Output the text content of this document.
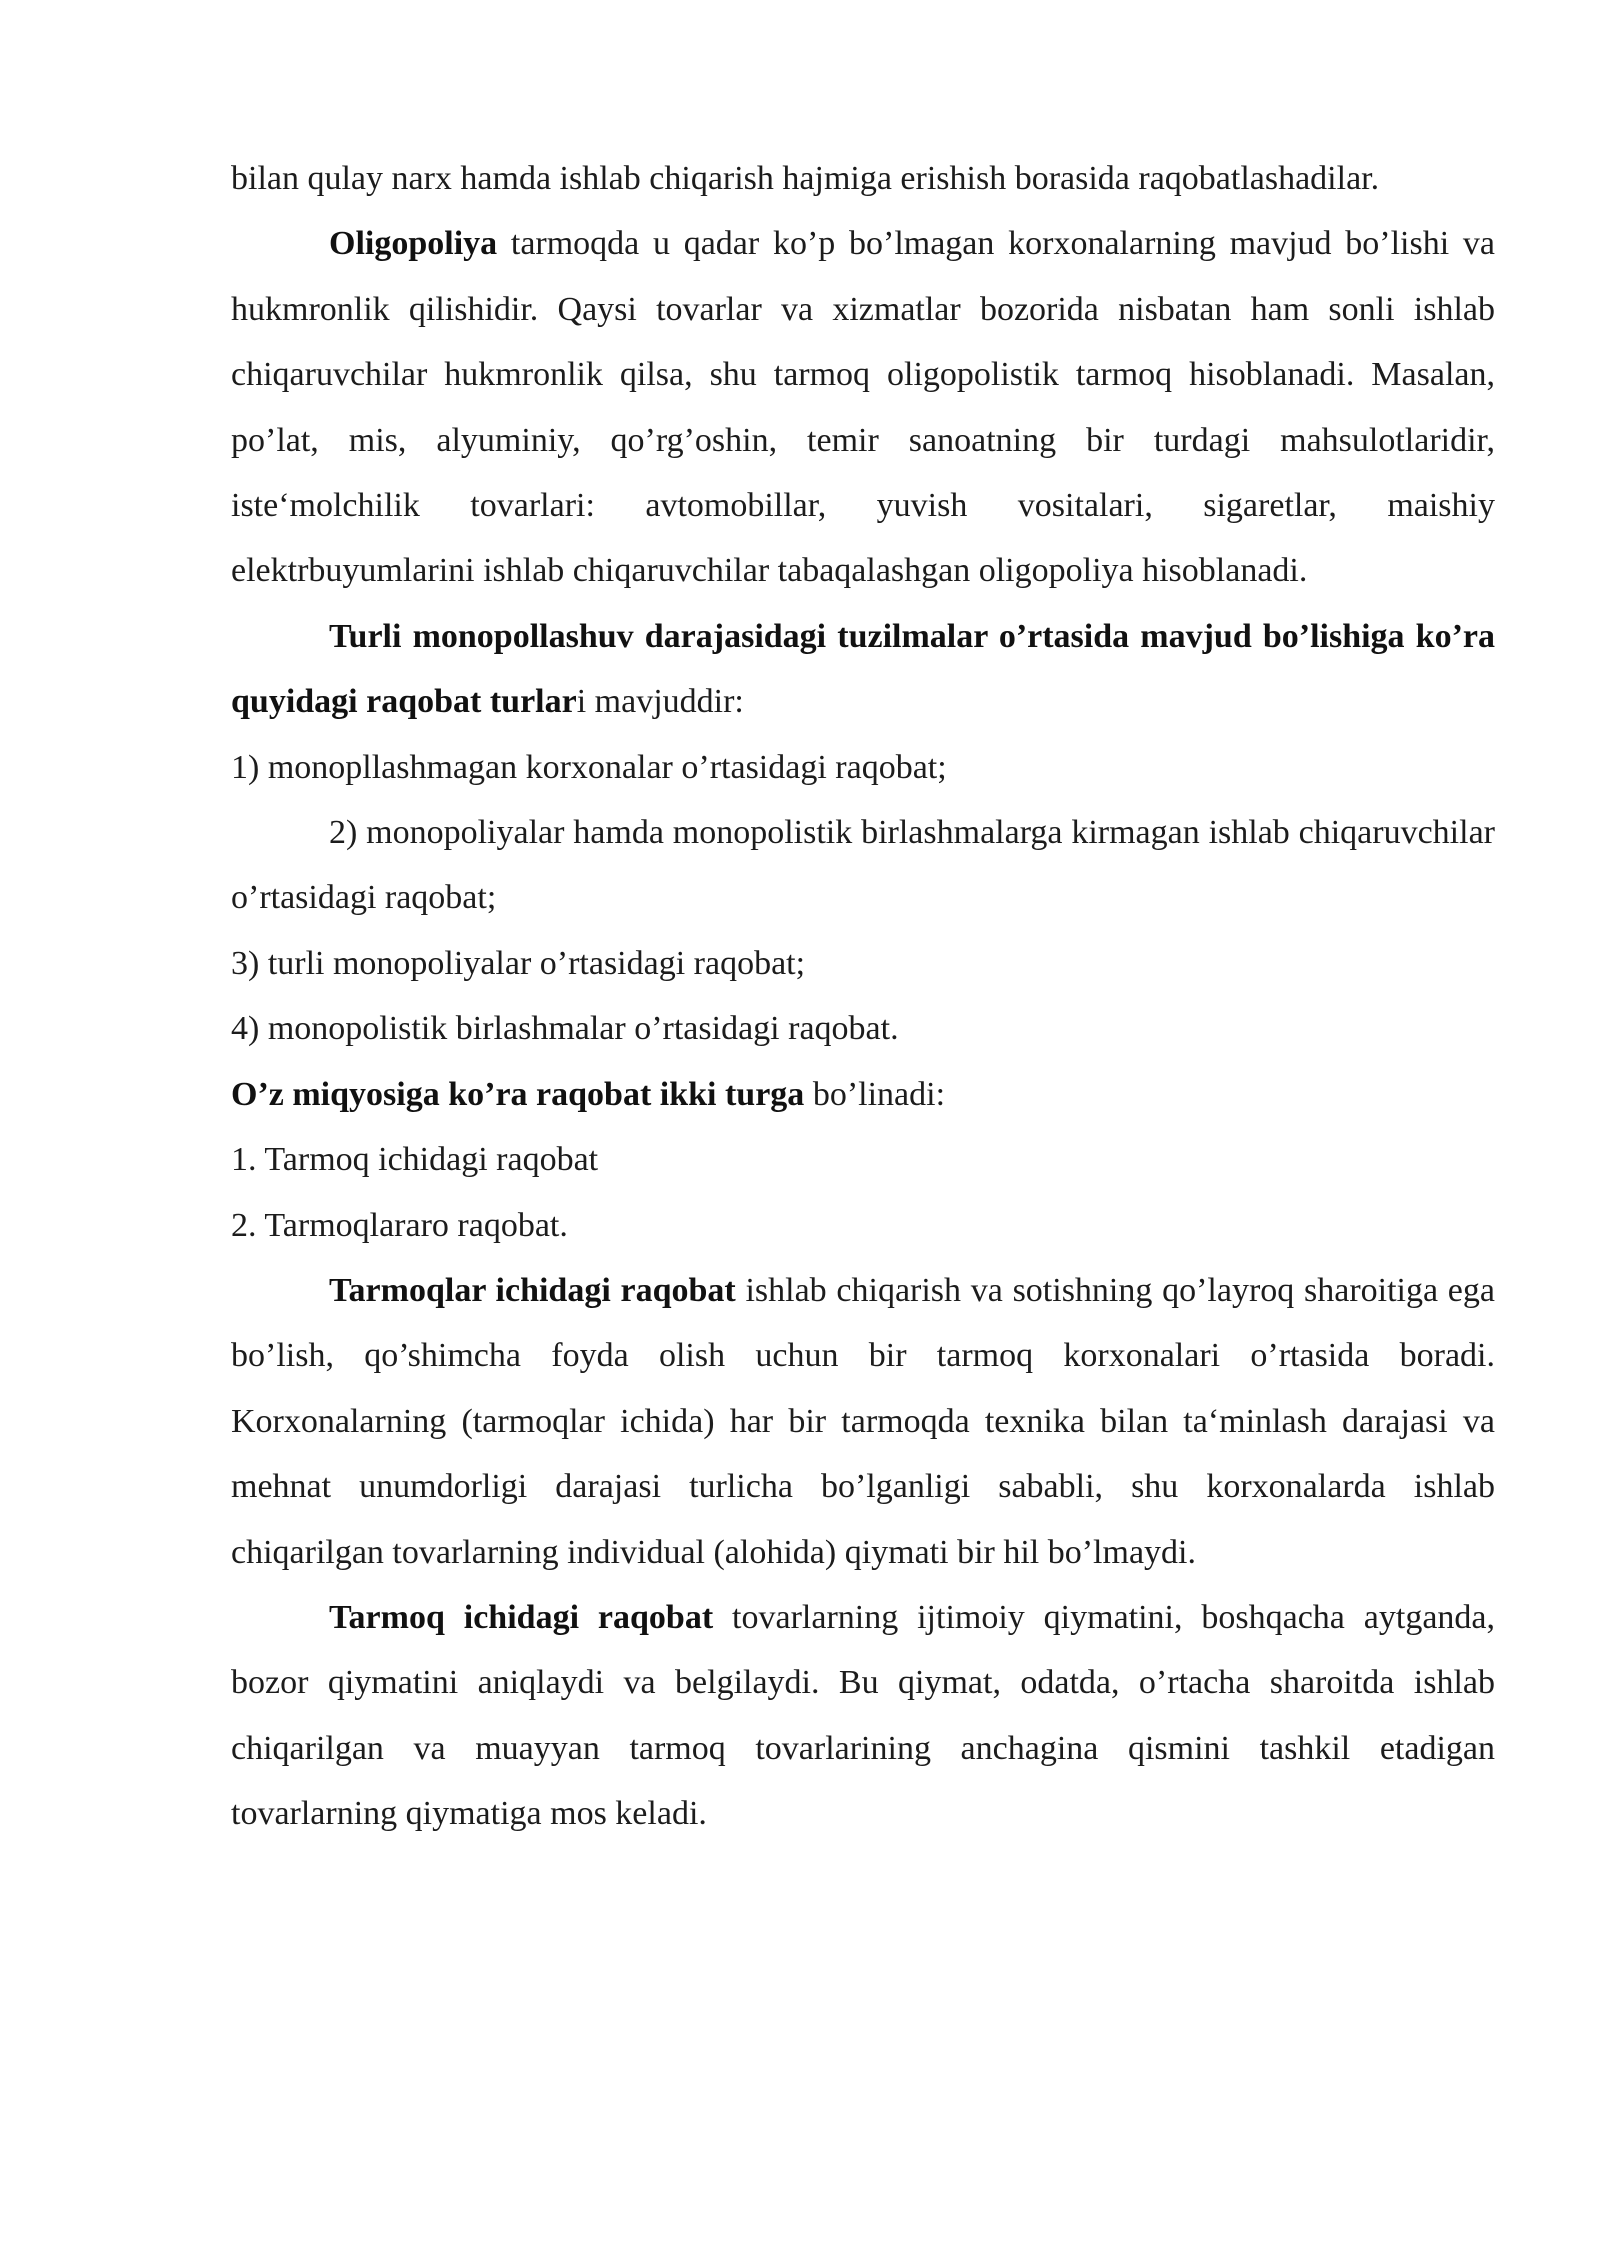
bilan qulay narx hamda ishlab chiqarish hajmiga erishish borasida raqobatlashadilar.

Oligopoliya tarmoqda u qadar ko’p bo’lmagan korxonalarning mavjud bo’lishi va hukmronlik qilishidir. Qaysi tovarlar va xizmatlar bozorida nisbatan ham sonli ishlab chiqaruvchilar hukmronlik qilsa, shu tarmoq oligopolistik tarmoq hisoblanadi. Masalan, po’lat, mis, alyuminiy, qo’rg’oshin, temir sanoatning bir turdagi mahsulotlaridir, iste‘molchilik tovarlari: avtomobillar, yuvish vositalari, sigaretlar, maishiy elektrbuyumlarini ishlab chiqaruvchilar tabaqalashgan oligopoliya hisoblanadi.

Turli monopollashuv darajasidagi tuzilmalar o’rtasida mavjud bo’lishiga ko’ra quyidagi raqobat turlari mavjuddir:

1) monopllashmagan korxonalar o’rtasidagi raqobat;

2) monopoliyalar hamda monopolistik birlashmalarga kirmagan ishlab chiqaruvchilar o’rtasidagi raqobat;

3) turli monopoliyalar o’rtasidagi raqobat;

4) monopolistik birlashmalar o’rtasidagi raqobat.

O’z miqyosiga ko’ra raqobat ikki turga bo’linadi:

1. Tarmoq ichidagi raqobat

2. Tarmoqlararo raqobat.

Tarmoqlar ichidagi raqobat ishlab chiqarish va sotishning qo’layroq sharoitiga ega bo’lish, qo’shimcha foyda olish uchun bir tarmoq korxonalari o’rtasida boradi. Korxonalarning (tarmoqlar ichida) har bir tarmoqda texnika bilan ta‘minlash darajasi va mehnat unumdorligi darajasi turlicha bo’lganligi sababli, shu korxonalarda ishlab chiqarilgan tovarlarning individual (alohida) qiymati bir hil bo’lmaydi.

Tarmoq ichidagi raqobat tovarlarning ijtimoiy qiymatini, boshqacha aytganda, bozor qiymatini aniqlaydi va belgilaydi. Bu qiymat, odatda, o’rtacha sharoitda ishlab chiqarilgan va muayyan tarmoq tovarlarining anchagina qismini tashkil etadigan tovarlarning qiymatiga mos keladi.
